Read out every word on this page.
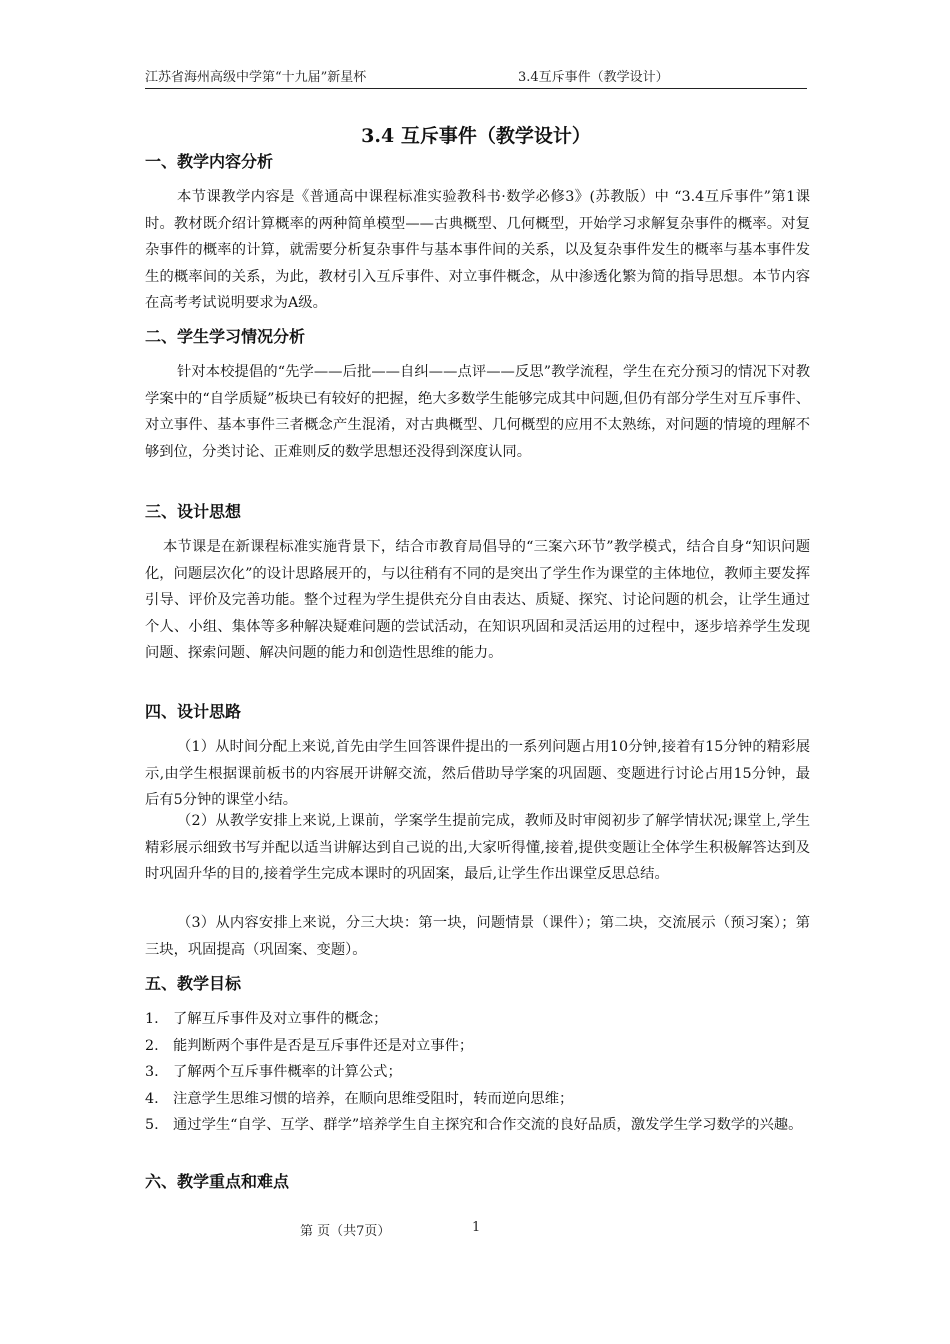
江苏省海州高级中学第“十九届”新星杯	3.4互斥事件（教学设计）
3.4 互斥事件（教学设计）
一、教学内容分析

本节课教学内容是《普通高中课程标准实验教科书·数学必修3》(苏教版）中 “3.4互斥事件”第1课时。教材既介绍计算概率的两种简单模型——古典概型、几何概型，开始学习求解复杂事件的概率。对复杂事件的概率的计算，就需要分析复杂事件与基本事件间的关系，以及复杂事件发生的概率与基本事件发生的概率间的关系，为此，教材引入互斥事件、对立事件概念，从中渗透化繁为简的指导思想。本节内容在高考考试说明要求为A级。

二、学生学习情况分析

针对本校提倡的“先学——后批——自纠——点评——反思”教学流程，学生在充分预习的情况下对教学案中的“自学质疑”板块已有较好的把握，绝大多数学生能够完成其中问题,但仍有部分学生对互斥事件、对立事件、基本事件三者概念产生混淆，对古典概型、几何概型的应用不太熟练，对问题的情境的理解不够到位，分类讨论、正难则反的数学思想还没得到深度认同。

三、设计思想

本节课是在新课程标准实施背景下，结合市教育局倡导的“三案六环节”教学模式，结合自身“知识问题化，问题层次化”的设计思路展开的，与以往稍有不同的是突出了学生作为课堂的主体地位，教师主要发挥引导、评价及完善功能。整个过程为学生提供充分自由表达、质疑、探究、讨论问题的机会，让学生通过个人、小组、集体等多种解决疑难问题的尝试活动，在知识巩固和灵活运用的过程中，逐步培养学生发现问题、探索问题、解决问题的能力和创造性思维的能力。

四、设计思路

（1）从时间分配上来说,首先由学生回答课件提出的一系列问题占用10分钟,接着有15分钟的精彩展示,由学生根据课前板书的内容展开讲解交流，然后借助导学案的巩固题、变题进行讨论占用15分钟，最后有5分钟的课堂小结。

（2）从教学安排上来说,上课前，学案学生提前完成，教师及时审阅初步了解学情状况;课堂上,学生精彩展示细致书写并配以适当讲解达到自己说的出,大家听得懂,接着,提供变题让全体学生积极解答达到及时巩固升华的目的,接着学生完成本课时的巩固案，最后,让学生作出课堂反思总结。

（3）从内容安排上来说，分三大块：第一块，问题情景（课件）；第二块，交流展示（预习案）；第三块，巩固提高（巩固案、变题）。

五、教学目标
1. 了解互斥事件及对立事件的概念；
2. 能判断两个事件是否是互斥事件还是对立事件；
3. 了解两个互斥事件概率的计算公式；
4. 注意学生思维习惯的培养，在顺向思维受阻时，转而逆向思维；
5. 通过学生“自学、互学、群学”培养学生自主探究和合作交流的良好品质，激发学生学习数学的兴趣。
六、教学重点和难点
第 页（共7页）	1
